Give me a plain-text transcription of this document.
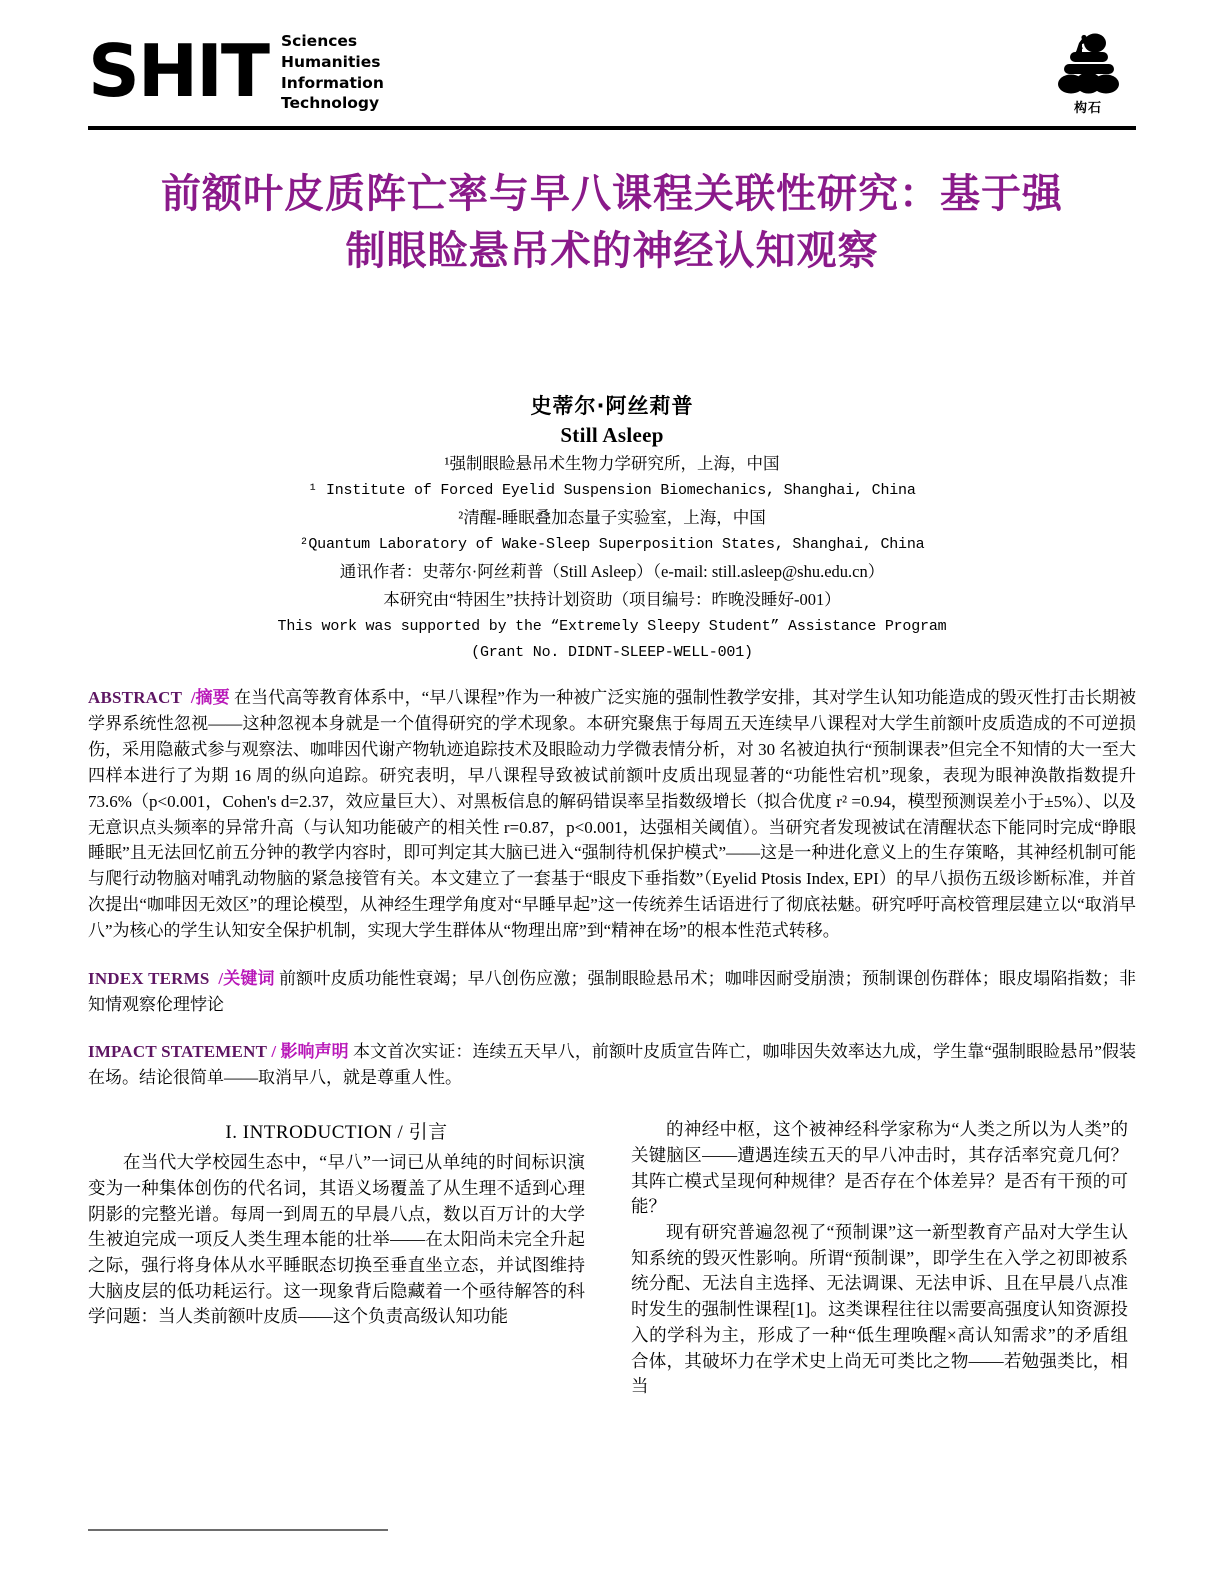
SHIT Sciences
Humanities
Information
Technology	构石
前额叶皮质阵亡率与早八课程关联性研究：基于强制眼睑悬吊术的神经认知观察
史蒂尔·阿丝莉普
Still Asleep
¹强制眼睑悬吊术生物力学研究所，上海，中国
¹ Institute of Forced Eyelid Suspension Biomechanics, Shanghai, China
²清醒-睡眠叠加态量子实验室，上海，中国
²Quantum Laboratory of Wake-Sleep Superposition States, Shanghai, China
通讯作者：史蒂尔·阿丝莉普（Still Asleep）（e-mail: still.asleep@shu.edu.cn）
本研究由“特困生”扶持计划资助（项目编号：昨晚没睡好-001）
This work was supported by the “Extremely Sleepy Student” Assistance Program
(Grant No. DIDNT-SLEEP-WELL-001)
ABSTRACT /摘要 在当代高等教育体系中，“早八课程”作为一种被广泛实施的强制性教学安排，其对学生认知功能造成的毁灭性打击长期被学界系统性忽视——这种忽视本身就是一个值得研究的学术现象。本研究聚焦于每周五天连续早八课程对大学生前额叶皮质造成的不可逆损伤，采用隐蔽式参与观察法、咖啡因代谢产物轨迹追踪技术及眼睑动力学微表情分析，对 30 名被迫执行“预制课表”但完全不知情的大一至大四样本进行了为期 16 周的纵向追踪。研究表明，早八课程导致被试前额叶皮质出现显著的“功能性宕机”现象，表现为眼神涣散指数提升 73.6%（p<0.001，Cohen's d=2.37，效应量巨大）、对黑板信息的解码错误率呈指数级增长（拟合优度 r² =0.94，模型预测误差小于±5%）、以及无意识点头频率的异常升高（与认知功能破产的相关性 r=0.87，p<0.001，达强相关阈值）。当研究者发现被试在清醒状态下能同时完成“睁眼睡眠”且无法回忆前五分钟的教学内容时，即可判定其大脑已进入“强制待机保护模式”——这是一种进化意义上的生存策略，其神经机制可能与爬行动物脑对哺乳动物脑的紧急接管有关。本文建立了一套基于“眼皮下垂指数”（Eyelid Ptosis Index, EPI）的早八损伤五级诊断标准，并首次提出“咖啡因无效区”的理论模型，从神经生理学角度对“早睡早起”这一传统养生话语进行了彻底祛魅。研究呼吁高校管理层建立以“取消早八”为核心的学生认知安全保护机制，实现大学生群体从“物理出席”到“精神在场”的根本性范式转移。
INDEX TERMS /关键词 前额叶皮质功能性衰竭；早八创伤应激；强制眼睑悬吊术；咖啡因耐受崩溃；预制课创伤群体；眼皮塌陷指数；非知情观察伦理悖论
IMPACT STATEMENT / 影响声明 本文首次实证：连续五天早八，前额叶皮质宣告阵亡，咖啡因失效率达九成，学生靠“强制眼睑悬吊”假装在场。结论很简单——取消早八，就是尊重人性。
I. INTRODUCTION / 引言

在当代大学校园生态中，“早八”一词已从单纯的时间标识演变为一种集体创伤的代名词，其语义场覆盖了从生理不适到心理阴影的完整光谱。每周一到周五的早晨八点，数以百万计的大学生被迫完成一项反人类生理本能的壮举——在太阳尚未完全升起之际，强行将身体从水平睡眠态切换至垂直坐立态，并试图维持大脑皮层的低功耗运行。这一现象背后隐藏着一个亟待解答的科学问题：当人类前额叶皮质——这个负责高级认知功能

的神经中枢，这个被神经科学家称为“人类之所以为人类”的关键脑区——遭遇连续五天的早八冲击时，其存活率究竟几何？其阵亡模式呈现何种规律？是否存在个体差异？是否有干预的可能？

现有研究普遍忽视了“预制课”这一新型教育产品对大学生认知系统的毁灭性影响。所谓“预制课”，即学生在入学之初即被系统分配、无法自主选择、无法调课、无法申诉、且在早晨八点准时发生的强制性课程[1]。这类课程往往以需要高强度认知资源投入的学科为主，形成了一种“低生理唤醒×高认知需求”的矛盾组合体，其破坏力在学术史上尚无可类比之物——若勉强类比，相当
